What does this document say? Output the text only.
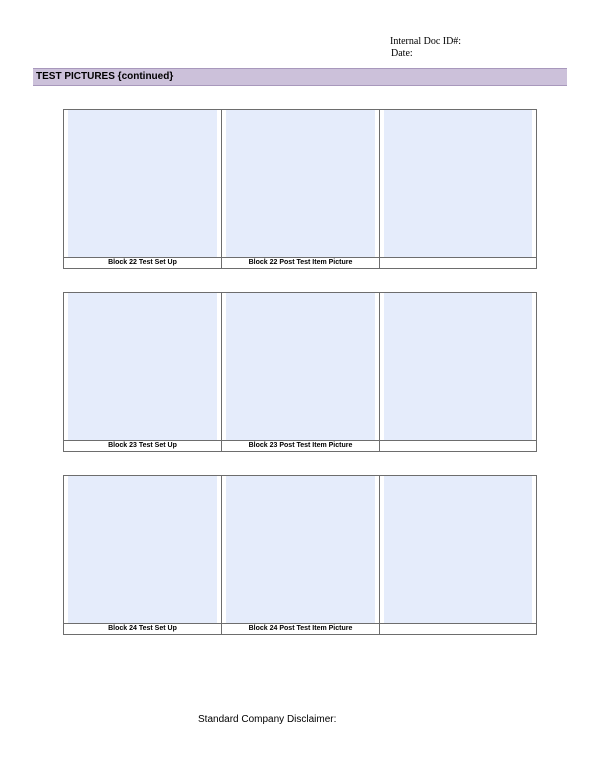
Internal Doc ID#:
Date:
TEST PICTURES {continued}
Block 22 Test Set Up	Block 22 Post Test Item Picture
Block 23 Test Set Up	Block 23 Post Test Item Picture
Block 24 Test Set Up	Block 24 Post Test Item Picture
Standard Company Disclaimer:
